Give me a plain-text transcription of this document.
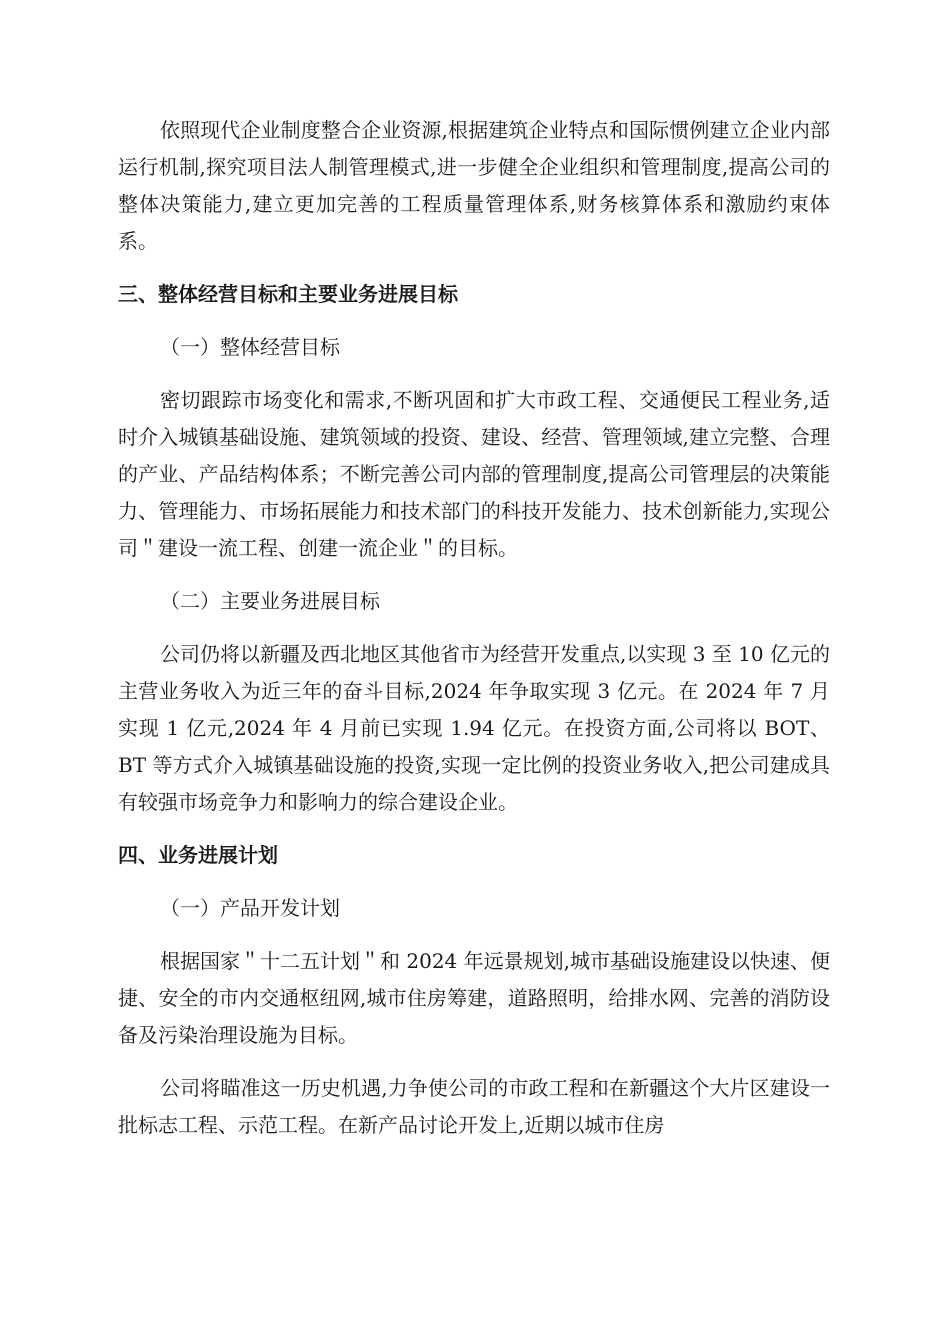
依照现代企业制度整合企业资源,根据建筑企业特点和国际惯例建立企业内部运行机制,探究项目法人制管理模式,进一步健全企业组织和管理制度,提高公司的整体决策能力,建立更加完善的工程质量管理体系,财务核算体系和激励约束体系。

三、整体经营目标和主要业务进展目标
（一）整体经营目标

密切跟踪市场变化和需求,不断巩固和扩大市政工程、交通便民工程业务,适时介入城镇基础设施、建筑领域的投资、建设、经营、管理领域,建立完整、合理的产业、产品结构体系；不断完善公司内部的管理制度,提高公司管理层的决策能力、管理能力、市场拓展能力和技术部门的科技开发能力、技术创新能力,实现公司＂建设一流工程、创建一流企业＂的目标。

（二）主要业务进展目标

公司仍将以新疆及西北地区其他省市为经营开发重点,以实现 3 至 10 亿元的主营业务收入为近三年的奋斗目标,2024 年争取实现 3 亿元。在 2024 年 7 月实现 1 亿元,2024 年 4 月前已实现 1.94 亿元。在投资方面,公司将以 BOT、BT 等方式介入城镇基础设施的投资,实现一定比例的投资业务收入,把公司建成具有较强市场竞争力和影响力的综合建设企业。

四、业务进展计划
（一）产品开发计划

根据国家＂十二五计划＂和 2024 年远景规划,城市基础设施建设以快速、便捷、安全的市内交通枢纽网,城市住房筹建，道路照明，给排水网、完善的消防设备及污染治理设施为目标。

公司将瞄准这一历史机遇,力争使公司的市政工程和在新疆这个大片区建设一批标志工程、示范工程。在新产品讨论开发上,近期以城市住房
